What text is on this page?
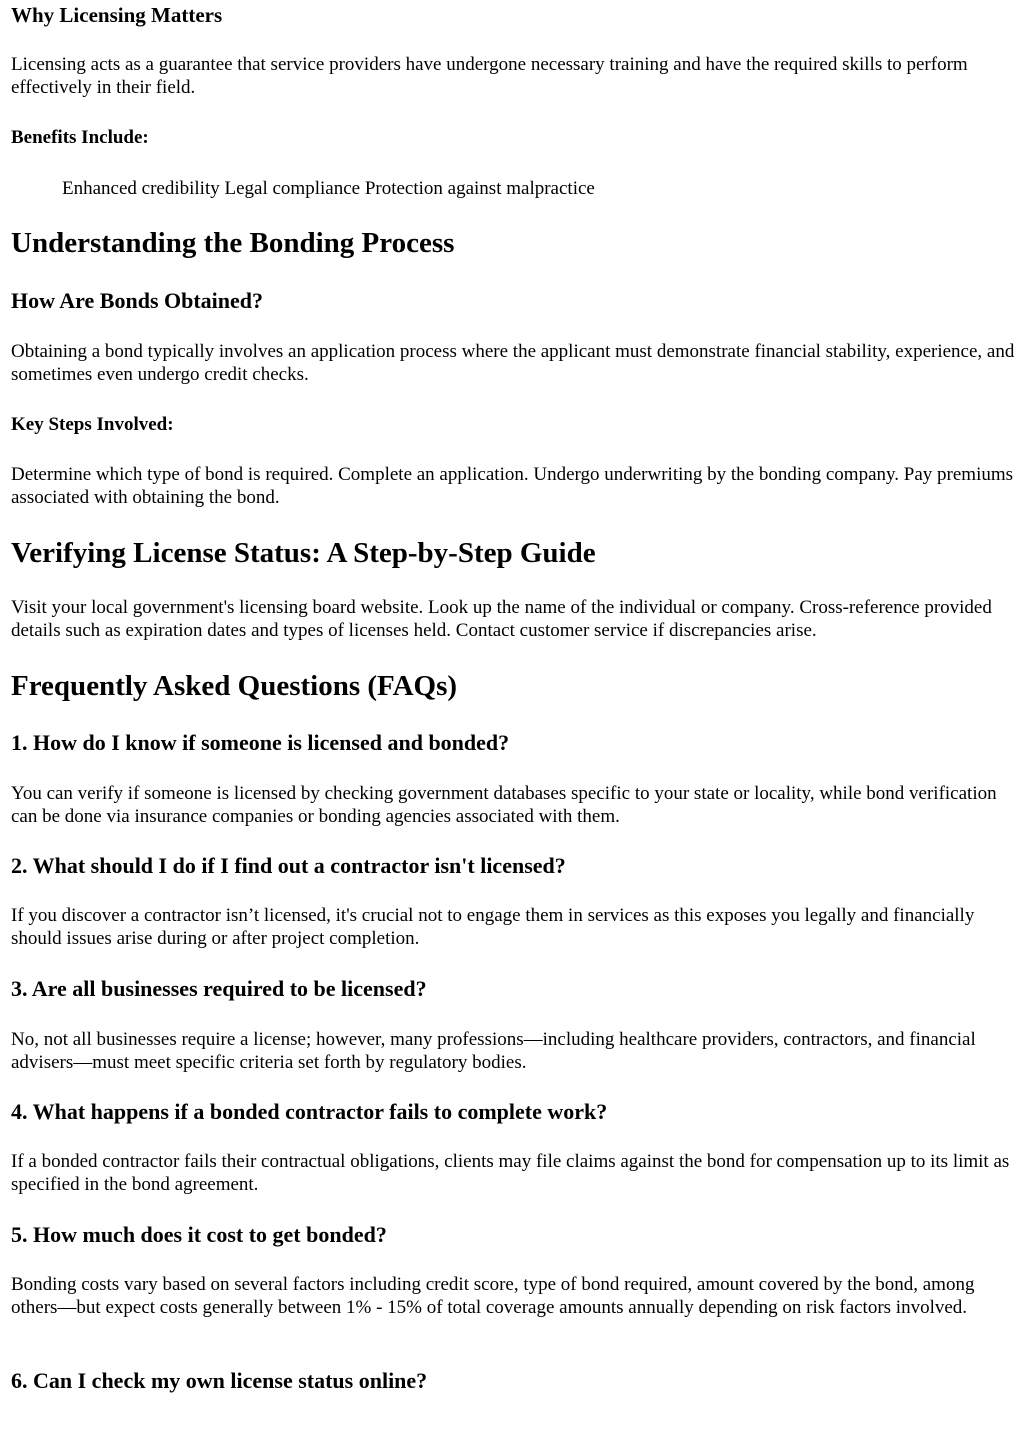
Why Licensing Matters

Licensing acts as a guarantee that service providers have undergone necessary training and have the required skills to perform effectively in their field.

Benefits Include:

Enhanced credibility Legal compliance Protection against malpractice

Understanding the Bonding Process
How Are Bonds Obtained?

Obtaining a bond typically involves an application process where the applicant must demonstrate financial stability, experience, and sometimes even undergo credit checks.

Key Steps Involved:

Determine which type of bond is required. Complete an application. Undergo underwriting by the bonding company. Pay premiums associated with obtaining the bond.

Verifying License Status: A Step-by-Step Guide

Visit your local government's licensing board website. Look up the name of the individual or company. Cross-reference provided details such as expiration dates and types of licenses held. Contact customer service if discrepancies arise.

Frequently Asked Questions (FAQs)
1. How do I know if someone is licensed and bonded?

You can verify if someone is licensed by checking government databases specific to your state or locality, while bond verification can be done via insurance companies or bonding agencies associated with them.

2. What should I do if I find out a contractor isn't licensed?

If you discover a contractor isn’t licensed, it's crucial not to engage them in services as this exposes you legally and financially should issues arise during or after project completion.

3. Are all businesses required to be licensed?

No, not all businesses require a license; however, many professions—including healthcare providers, contractors, and financial advisers—must meet specific criteria set forth by regulatory bodies.

4. What happens if a bonded contractor fails to complete work?

If a bonded contractor fails their contractual obligations, clients may file claims against the bond for compensation up to its limit as specified in the bond agreement.

5. How much does it cost to get bonded?

Bonding costs vary based on several factors including credit score, type of bond required, amount covered by the bond, among others—but expect costs generally between 1% - 15% of total coverage amounts annually depending on risk factors involved.

6. Can I check my own license status online?
